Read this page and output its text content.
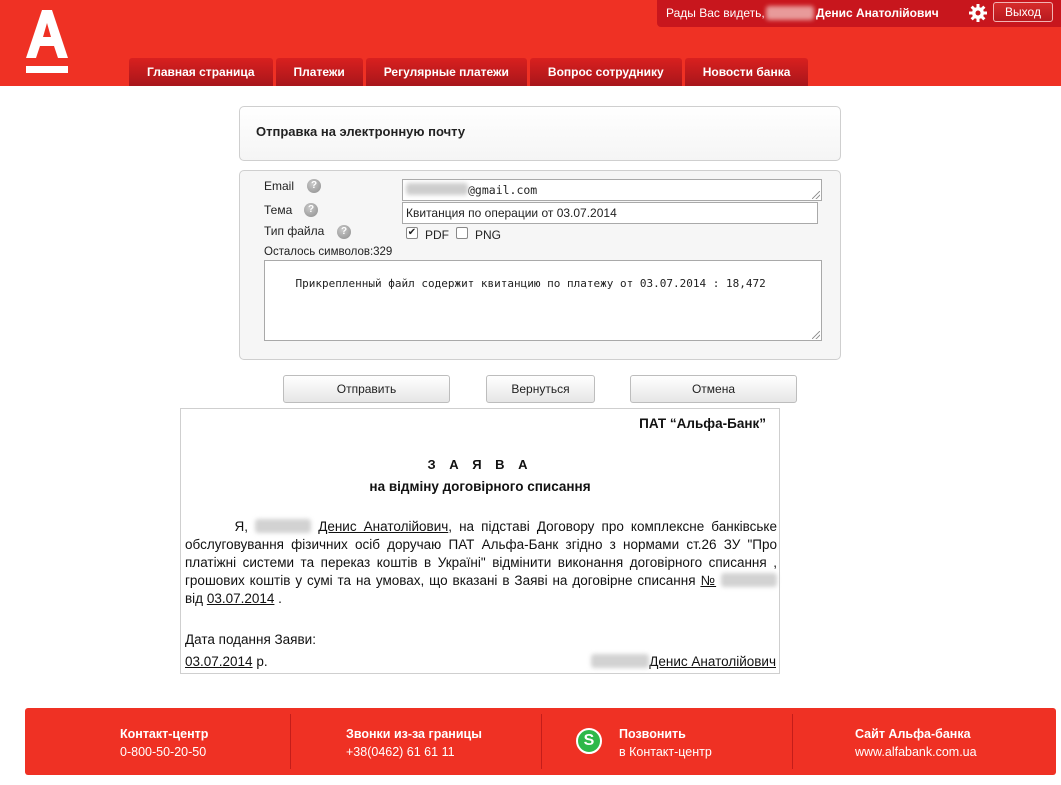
Рады Вас видеть,	Денис Анатолійович	Выход
Главная страница	Платежи	Регулярные платежи	Вопрос сотруднику	Новости банка
Отправка на электронную почту
Email	?	@gmail.com
Тема	?	Квитанция по операции от 03.07.2014
Тип файла	?	✔ PDF PNG
Осталось символов:329

Прикрепленный файл содержит квитанцию по платежу от 03.07.2014 : 18,472

Отправить	Вернуться	Отмена
ПАТ “Альфа-Банк”
З А Я В А
на відміну договірного списання
Я,	Денис Анатолійович, на підставі Договору про комплексне банківське обслуговування фізичних осіб доручаю ПАТ Альфа-Банк згідно з нормами ст.26 ЗУ "Про платіжні системи та переказ коштів в Україні" відмінити виконання договірного списання , грошових коштів у сумі та на умовах, що вказані в Заяві на договірне списання №  від 03.07.2014 .
Дата подання Заяви:
03.07.2014 р.	Денис Анатолійович
Контакт-центр
0-800-50-20-50
Звонки из-за границы
+38(0462) 61 61 11
S	Позвонить
в Контакт-центр
Сайт Альфа-банка
www.alfabank.com.ua
